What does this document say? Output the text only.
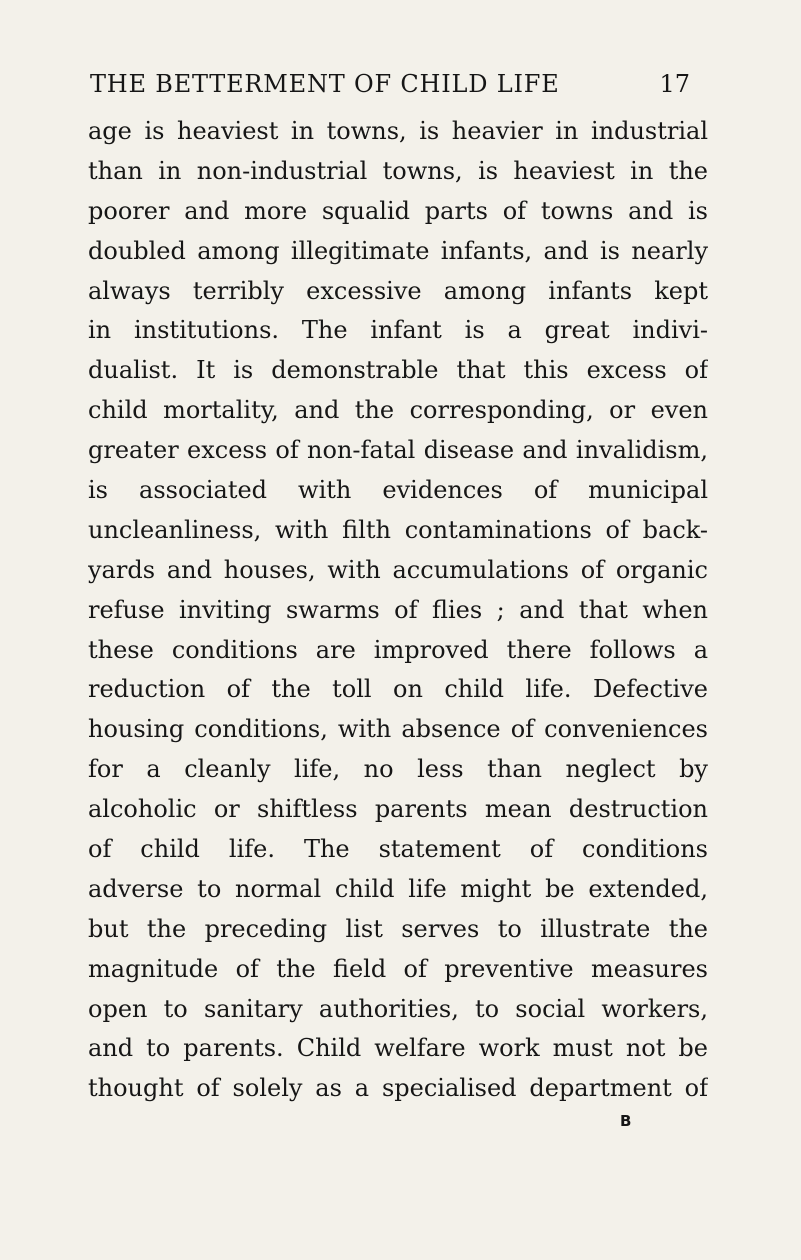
THE BETTERMENT OF CHILD LIFE	17
age is heaviest in towns, is heavier in industrial
than in non-industrial towns, is heaviest in the
poorer and more squalid parts of towns and is
doubled among illegitimate infants, and is nearly
always terribly excessive among infants kept
in institutions. The infant is a great indivi-
dualist. It is demonstrable that this excess of
child mortality, and the corresponding, or even
greater excess of non-fatal disease and invalidism,
is associated with evidences of municipal
uncleanliness, with filth contaminations of back-
yards and houses, with accumulations of organic
refuse inviting swarms of flies ; and that when
these conditions are improved there follows a
reduction of the toll on child life. Defective
housing conditions, with absence of conveniences
for a cleanly life, no less than neglect by
alcoholic or shiftless parents mean destruction
of child life. The statement of conditions
adverse to normal child life might be extended,
but the preceding list serves to illustrate the
magnitude of the field of preventive measures
open to sanitary authorities, to social workers,
and to parents. Child welfare work must not be
thought of solely as a specialised department of
B
